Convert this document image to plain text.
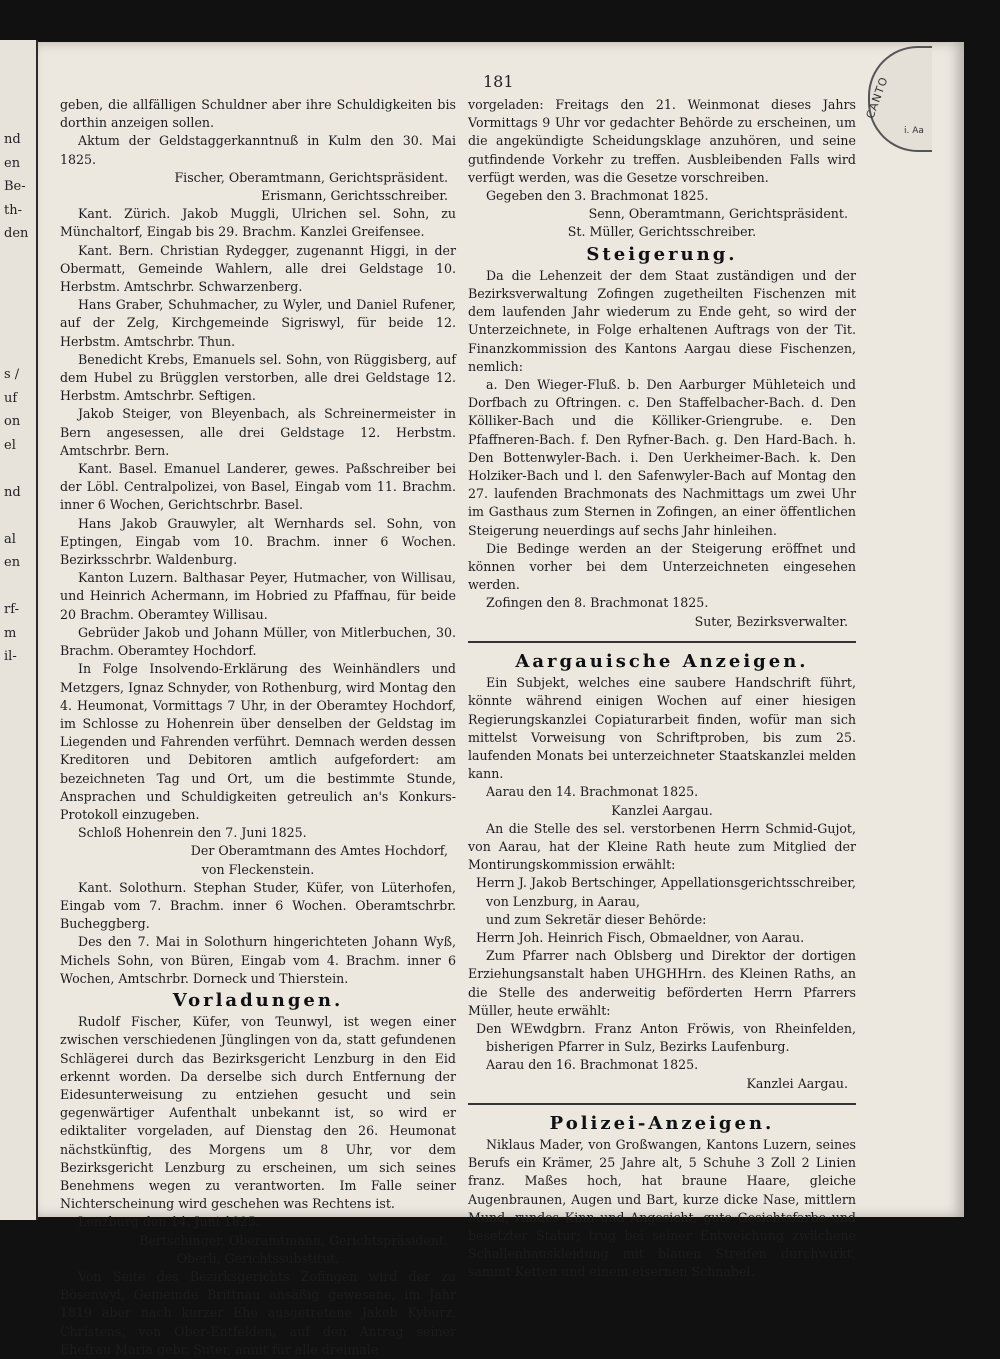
nd
en
Be-
th-
den

s /
uf
on
el

nd

al
en

rf-
m
il-
181

geben, die allfälligen Schuldner aber ihre Schuldigkeiten bis dorthin anzeigen sollen.

Aktum der Geldstaggerkanntnuß in Kulm den 30. Mai 1825.

Fischer, Oberamtmann, Gerichtspräsident.

Erismann, Gerichtsschreiber.

Kant. Zürich. Jakob Muggli, Ulrichen sel. Sohn, zu Münchaltorf, Eingab bis 29. Brachm. Kanzlei Greifensee.

Kant. Bern. Christian Rydegger, zugenannt Higgi, in der Obermatt, Gemeinde Wahlern, alle drei Geldstage 10. Herbstm. Amtschrbr. Schwarzenberg.

Hans Graber, Schuhmacher, zu Wyler, und Daniel Rufener, auf der Zelg, Kirchgemeinde Sigriswyl, für beide 12. Herbstm. Amtschrbr. Thun.

Benedicht Krebs, Emanuels sel. Sohn, von Rüggisberg, auf dem Hubel zu Brügglen verstorben, alle drei Geldstage 12. Herbstm. Amtschrbr. Seftigen.

Jakob Steiger, von Bleyenbach, als Schreinermeister in Bern angesessen, alle drei Geldstage 12. Herbstm. Amtschrbr. Bern.

Kant. Basel. Emanuel Landerer, gewes. Paßschreiber bei der Löbl. Centralpolizei, von Basel, Eingab vom 11. Brachm. inner 6 Wochen, Gerichtschrbr. Basel.

Hans Jakob Grauwyler, alt Wernhards sel. Sohn, von Eptingen, Eingab vom 10. Brachm. inner 6 Wochen. Bezirksschrbr. Waldenburg.

Kanton Luzern. Balthasar Peyer, Hutmacher, von Willisau, und Heinrich Achermann, im Hobried zu Pfaffnau, für beide 20 Brachm. Oberamtey Willisau.

Gebrüder Jakob und Johann Müller, von Mitlerbuchen, 30. Brachm. Oberamtey Hochdorf.

In Folge Insolvendo-Erklärung des Weinhändlers und Metzgers, Ignaz Schnyder, von Rothenburg, wird Montag den 4. Heumonat, Vormittags 7 Uhr, in der Oberamtey Hochdorf, im Schlosse zu Hohenrein über denselben der Geldstag im Liegenden und Fahrenden verführt. Demnach werden dessen Kreditoren und Debitoren amtlich aufgefordert: am bezeichneten Tag und Ort, um die bestimmte Stunde, Ansprachen und Schuldigkeiten getreulich an's Konkurs-Protokoll einzugeben.

Schloß Hohenrein den 7. Juni 1825.

Der Oberamtmann des Amtes Hochdorf,

von Fleckenstein.

Kant. Solothurn. Stephan Studer, Küfer, von Lüterhofen, Eingab vom 7. Brachm. inner 6 Wochen. Oberamtschrbr. Bucheggberg.

Des den 7. Mai in Solothurn hingerichteten Johann Wyß, Michels Sohn, von Büren, Eingab vom 4. Brachm. inner 6 Wochen, Amtschrbr. Dorneck und Thierstein.

Vorladungen.

Rudolf Fischer, Küfer, von Teunwyl, ist wegen einer zwischen verschiedenen Jünglingen von da, statt gefundenen Schlägerei durch das Bezirksgericht Lenzburg in den Eid erkennt worden. Da derselbe sich durch Entfernung der Eidesunterweisung zu entziehen gesucht und sein gegenwärtiger Aufenthalt unbekannt ist, so wird er ediktaliter vorgeladen, auf Dienstag den 26. Heumonat nächstkünftig, des Morgens um 8 Uhr, vor dem Bezirksgericht Lenzburg zu erscheinen, um sich seines Benehmens wegen zu verantworten. Im Falle seiner Nichterscheinung wird geschehen was Rechtens ist.

Lenzburg den 14. Juni 1825.

Bertschinger, Oberamtmann, Gerichtspräsident.

Oberli, Gerichtssubstitut.

Von Seite des Bezirksgerichts Zofingen wird der zu Bösenwyl, Gemeinde Brittnau ansäßig gewesene, im Jahr 1819 aber nach kurzer Ehe ausgetretene Jakob Kyburz, Christens, von Ober-Entfelden, auf den Antrag seiner Ehefrau Maria gebr. Suter, annit für alle dreimale

vorgeladen: Freitags den 21. Weinmonat dieses Jahrs Vormittags 9 Uhr vor gedachter Behörde zu erscheinen, um die angekündigte Scheidungsklage anzuhören, und seine gutfindende Vorkehr zu treffen. Ausbleibenden Falls wird verfügt werden, was die Gesetze vorschreiben.

Gegeben den 3. Brachmonat 1825.

Senn, Oberamtmann, Gerichtspräsident.

St. Müller, Gerichtsschreiber.

Steigerung.

Da die Lehenzeit der dem Staat zuständigen und der Bezirksverwaltung Zofingen zugetheilten Fischenzen mit dem laufenden Jahr wiederum zu Ende geht, so wird der Unterzeichnete, in Folge erhaltenen Auftrags von der Tit. Finanzkommission des Kantons Aargau diese Fischenzen, nemlich:

a. Den Wieger-Fluß. b. Den Aarburger Mühleteich und Dorfbach zu Oftringen. c. Den Staffelbacher-Bach. d. Den Kölliker-Bach und die Kölliker-Griengrube. e. Den Pfaffneren-Bach. f. Den Ryfner-Bach. g. Den Hard-Bach. h. Den Bottenwyler-Bach. i. Den Uerkheimer-Bach. k. Den Holziker-Bach und l. den Safenwyler-Bach auf Montag den 27. laufenden Brachmonats des Nachmittags um zwei Uhr im Gasthaus zum Sternen in Zofingen, an einer öffentlichen Steigerung neuerdings auf sechs Jahr hinleihen.

Die Bedinge werden an der Steigerung eröffnet und können vorher bei dem Unterzeichneten eingesehen werden.

Zofingen den 8. Brachmonat 1825.

Suter, Bezirksverwalter.

Aargauische Anzeigen.

Ein Subjekt, welches eine saubere Handschrift führt, könnte während einigen Wochen auf einer hiesigen Regierungskanzlei Copiaturarbeit finden, wofür man sich mittelst Vorweisung von Schriftproben, bis zum 25. laufenden Monats bei unterzeichneter Staatskanzlei melden kann.

Aarau den 14. Brachmonat 1825.

Kanzlei Aargau.

An die Stelle des sel. verstorbenen Herrn Schmid-Gujot, von Aarau, hat der Kleine Rath heute zum Mitglied der Montirungskommission erwählt:

Herrn J. Jakob Bertschinger, Appellationsgerichtsschreiber, von Lenzburg, in Aarau,

und zum Sekretär dieser Behörde:

Herrn Joh. Heinrich Fisch, Obmaeldner, von Aarau.

Zum Pfarrer nach Oblsberg und Direktor der dortigen Erziehungsanstalt haben UHGHHrn. des Kleinen Raths, an die Stelle des anderweitig beförderten Herrn Pfarrers Müller, heute erwählt:

Den WEwdgbrn. Franz Anton Fröwis, von Rheinfelden, bisherigen Pfarrer in Sulz, Bezirks Laufenburg.

Aarau den 16. Brachmonat 1825.

Kanzlei Aargau.

Polizei-Anzeigen.

Niklaus Mader, von Großwangen, Kantons Luzern, seines Berufs ein Krämer, 25 Jahre alt, 5 Schuhe 3 Zoll 2 Linien franz. Maßes hoch, hat braune Haare, gleiche Augenbraunen, Augen und Bart, kurze dicke Nase, mittlern Mund, rundes Kinn und Angesicht, gute Gesichtsfarbe und besetzter Statur; trug bei seiner Entweichung zwilchene Schallenhauskleidung mit blauen Streifen durchwirkt, sammt Ketten und einem eisernen Schnabel.

CANTO
i. Aa
